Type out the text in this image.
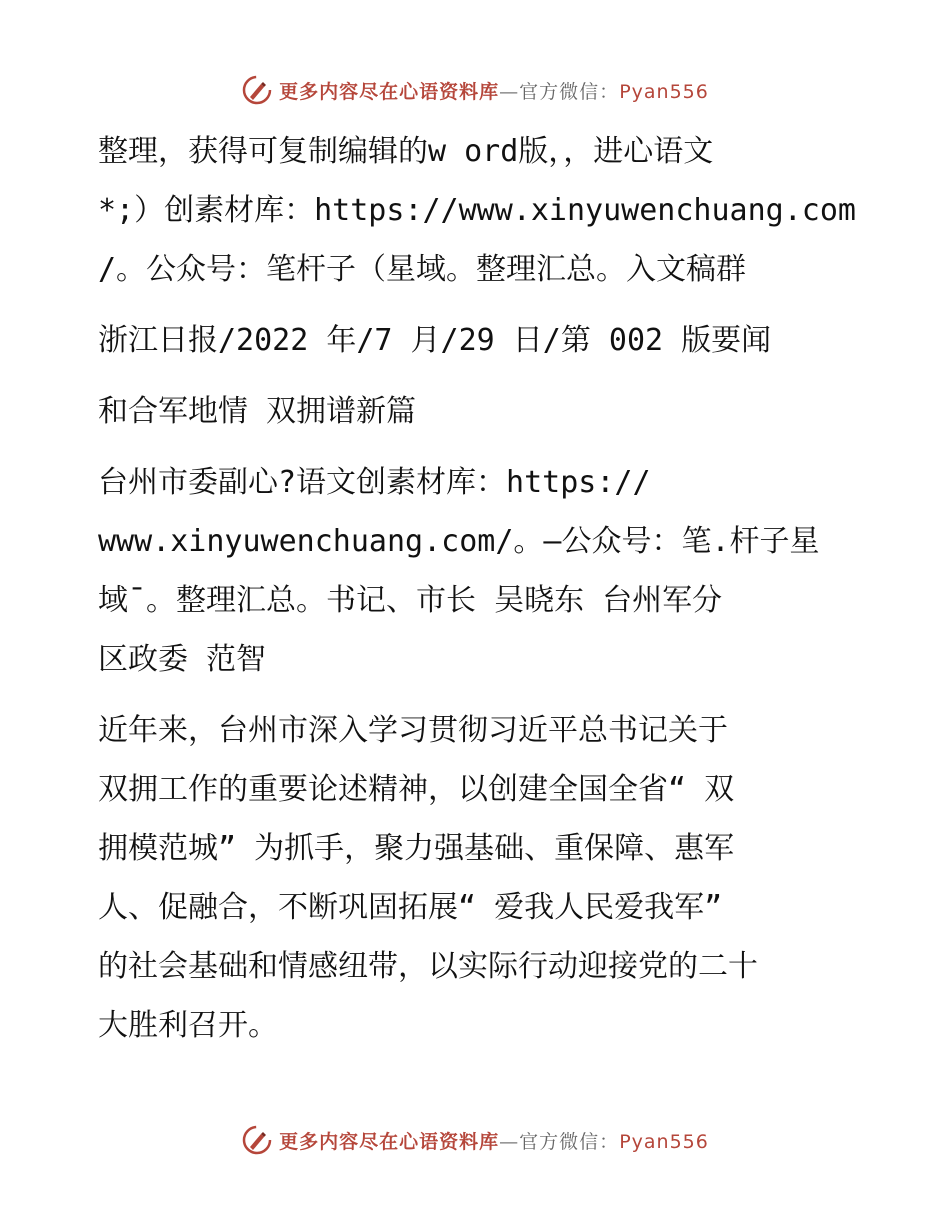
更多内容尽在心语资料库—官方微信：Pyan556
整理，获得可复制编辑的w ord版，，进心语文
*;）创素材库：https://www.xinyuwenchuang.com
/。公众号：笔杆子（星域。整理汇总。入文稿群
浙江日报/2022 年/7 月/29 日/第 002 版要闻
和合军地情 双拥谱新篇
台州市委副心?语文创素材库：https://
www.xinyuwenchuang.com/。—公众号：笔.杆子星
域¯。整理汇总。书记、市长 吴晓东 台州军分
区政委 范智
近年来，台州市深入学习贯彻习近平总书记关于
双拥工作的重要论述精神，以创建全国全省“ 双
拥模范城” 为抓手，聚力强基础、重保障、惠军
人、促融合，不断巩固拓展“ 爱我人民爱我军”
的社会基础和情感纽带，以实际行动迎接党的二十
大胜利召开。
更多内容尽在心语资料库—官方微信：Pyan556
